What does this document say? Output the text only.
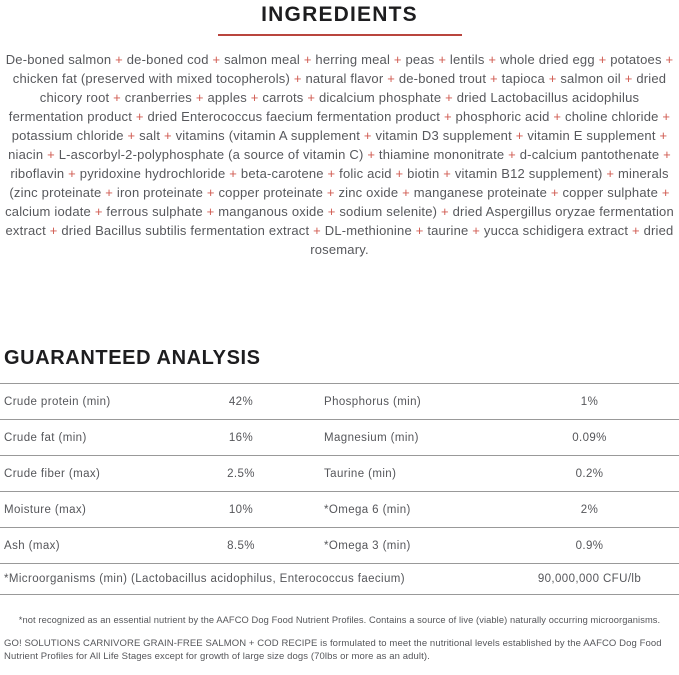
INGREDIENTS

De-boned salmon + de-boned cod + salmon meal + herring meal + peas + lentils + whole dried egg + potatoes + chicken fat (preserved with mixed tocopherols) + natural flavor + de-boned trout + tapioca + salmon oil + dried chicory root + cranberries + apples + carrots + dicalcium phosphate + dried Lactobacillus acidophilus fermentation product + dried Enterococcus faecium fermentation product + phosphoric acid + choline chloride + potassium chloride + salt + vitamins (vitamin A supplement + vitamin D3 supplement + vitamin E supplement + niacin + L-ascorbyl-2-polyphosphate (a source of vitamin C) + thiamine mononitrate + d-calcium pantothenate + riboflavin + pyridoxine hydrochloride + beta-carotene + folic acid + biotin + vitamin B12 supplement) + minerals (zinc proteinate + iron proteinate + copper proteinate + zinc oxide + manganese proteinate + copper sulphate + calcium iodate + ferrous sulphate + manganous oxide + sodium selenite) + dried Aspergillus oryzae fermentation extract + dried Bacillus subtilis fermentation extract + DL-methionine + taurine + yucca schidigera extract + dried rosemary.

GUARANTEED ANALYSIS
Crude protein (min)	42%	Phosphorus (min)	1%
Crude fat (min)	16%	Magnesium (min)	0.09%
Crude fiber (max)	2.5%	Taurine (min)	0.2%
Moisture (max)	10%	*Omega 6 (min)	2%
Ash (max)	8.5%	*Omega 3 (min)	0.9%
*Microorganisms (min) (Lactobacillus acidophilus, Enterococcus faecium)	90,000,000 CFU/lb
*not recognized as an essential nutrient by the AAFCO Dog Food Nutrient Profiles. Contains a source of live (viable) naturally occurring microorganisms.
GO! SOLUTIONS CARNIVORE GRAIN-FREE SALMON + COD RECIPE is formulated to meet the nutritional levels established by the AAFCO Dog Food Nutrient Profiles for All Life Stages except for growth of large size dogs (70lbs or more as an adult).
